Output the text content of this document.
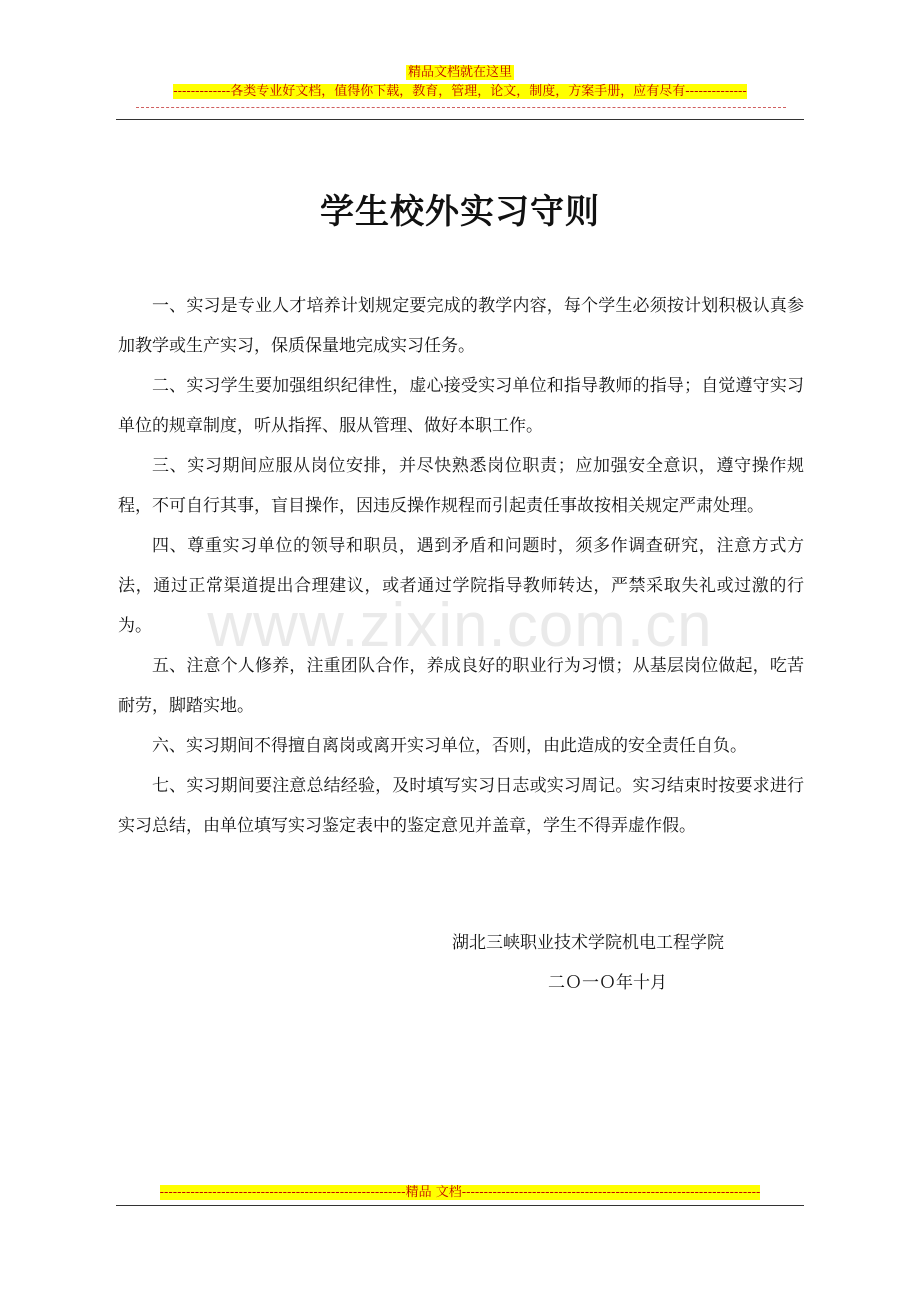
精品文档就在这里
-------------各类专业好文档，值得你下载，教育，管理，论文，制度，方案手册，应有尽有--------------
www.zixin.com.cn
学生校外实习守则

一、实习是专业人才培养计划规定要完成的教学内容，每个学生必须按计划积极认真参加教学或生产实习，保质保量地完成实习任务。

二、实习学生要加强组织纪律性，虚心接受实习单位和指导教师的指导；自觉遵守实习单位的规章制度，听从指挥、服从管理、做好本职工作。

三、实习期间应服从岗位安排，并尽快熟悉岗位职责；应加强安全意识，遵守操作规程，不可自行其事，盲目操作，因违反操作规程而引起责任事故按相关规定严肃处理。

四、尊重实习单位的领导和职员，遇到矛盾和问题时，须多作调查研究，注意方式方法，通过正常渠道提出合理建议，或者通过学院指导教师转达，严禁采取失礼或过激的行为。

五、注意个人修养，注重团队合作，养成良好的职业行为习惯；从基层岗位做起，吃苦耐劳，脚踏实地。

六、实习期间不得擅自离岗或离开实习单位，否则，由此造成的安全责任自负。

七、实习期间要注意总结经验，及时填写实习日志或实习周记。实习结束时按要求进行实习总结，由单位填写实习鉴定表中的鉴定意见并盖章，学生不得弄虚作假。

湖北三峡职业技术学院机电工程学院
二Ｏ一Ｏ年十月
--------------------------------------------------------精品 文档--------------------------------------------------------------------
